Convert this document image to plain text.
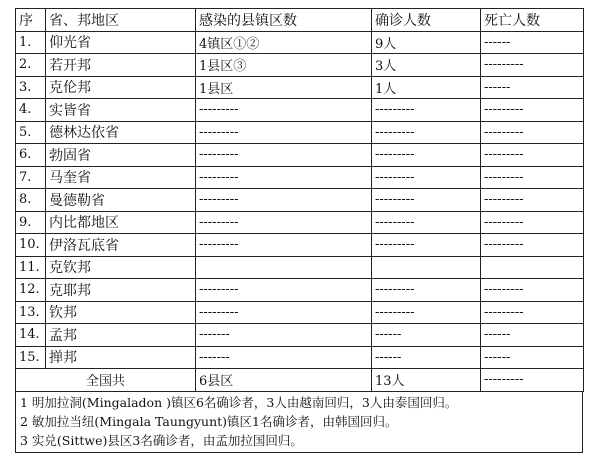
序	省、邦地区	感染的县镇区数	确诊人数	死亡人数
1.	仰光省	4镇区①②	9人	------
2.	若开邦	1县区③	3人	---------
3.	克伦邦	1县区	1人	------
4.	实皆省	---------	---------	---------
5.	德林达依省	---------	---------	---------
6.	勃固省	---------	---------	---------
7.	马奎省	---------	---------	---------
8.	曼德勒省	---------	---------	---------
9.	内比都地区	---------	---------	---------
10.	伊洛瓦底省	---------	---------	---------
11.	克钦邦			
12.	克耶邦	---------	---------	---------
13.	钦邦	---------	---------	---------
14.	孟邦	-------	------	------
15.	掸邦	-------	------	------
全国共		6县区	13人	---------
1 明加拉洞(Mingaladon )镇区6名确诊者，3人由越南回归，3人由泰国回归。
2 敏加拉当纽(Mingala Taungyunt)镇区1名确诊者，由韩国回归。
3 实兑(Sittwe)县区3名确诊者，由孟加拉国回归。
